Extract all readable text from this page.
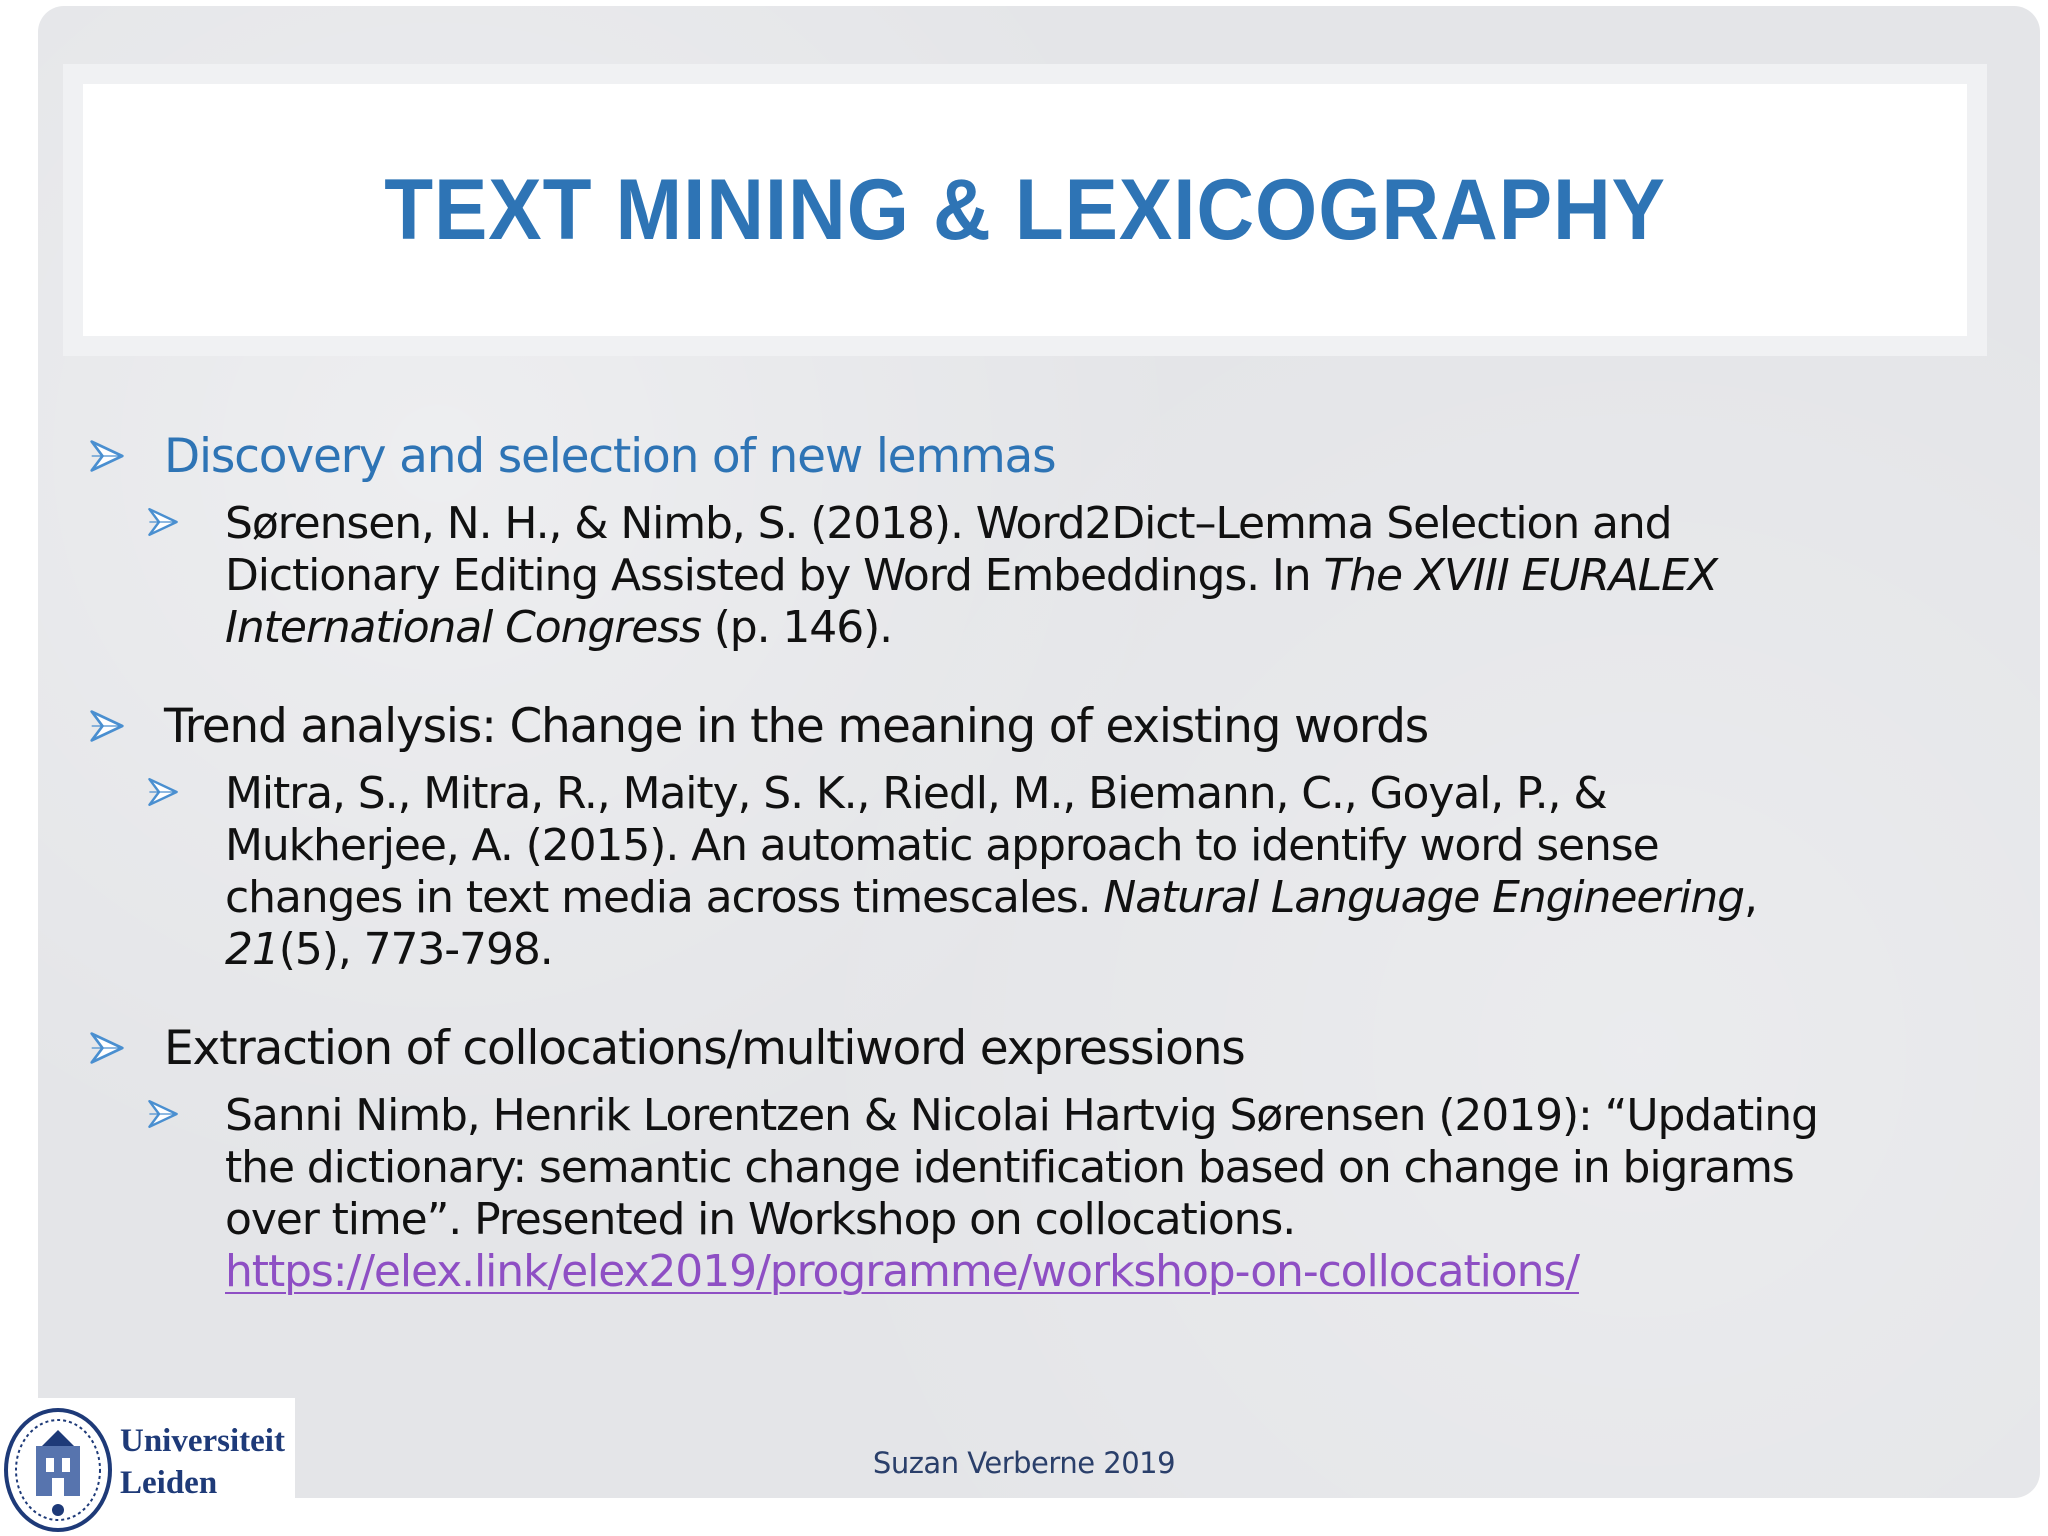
TEXT MINING & LEXICOGRAPHY
Discovery and selection of new lemmas
Sørensen, N. H., & Nimb, S. (2018). Word2Dict–Lemma Selection and Dictionary Editing Assisted by Word Embeddings. In The XVIII EURALEX International Congress (p. 146).
Trend analysis: Change in the meaning of existing words
Mitra, S., Mitra, R., Maity, S. K., Riedl, M., Biemann, C., Goyal, P., & Mukherjee, A. (2015). An automatic approach to identify word sense changes in text media across timescales. Natural Language Engineering, 21(5), 773-798.
Extraction of collocations/multiword expressions
Sanni Nimb, Henrik Lorentzen & Nicolai Hartvig Sørensen (2019): “Updating the dictionary: semantic change identification based on change in bigrams over time”. Presented in Workshop on collocations.
https://elex.link/elex2019/programme/workshop-on-collocations/
Suzan Verberne 2019
Universiteit
Leiden
